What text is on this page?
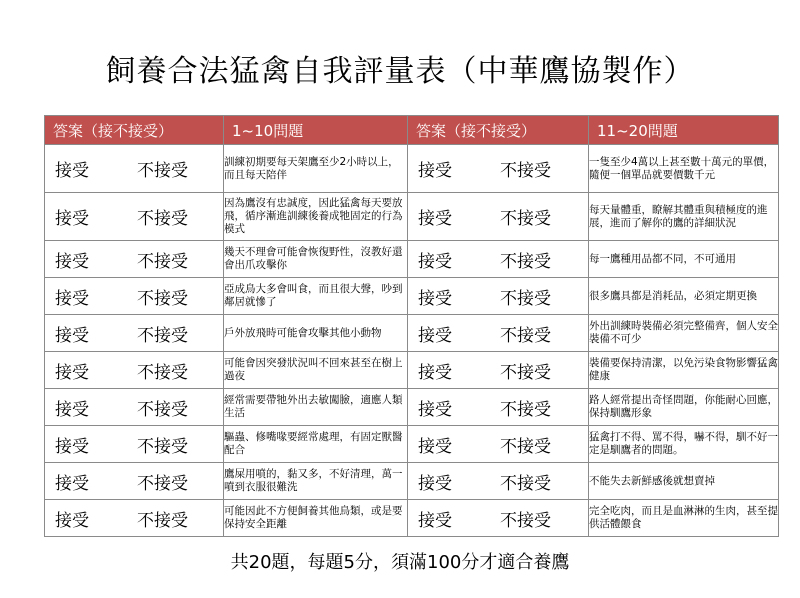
飼養合法猛禽自我評量表（中華鷹協製作）
答案（接不接受）	1~10問題	答案（接不接受）	11~20問題

接受 不接受	訓練初期要每天架鷹至少2小時以上，而且每天陪伴	接受 不接受	一隻至少4萬以上甚至數十萬元的單價，隨便一個單品就要價數千元

接受 不接受	因為鷹沒有忠誠度，因此猛禽每天要放飛，循序漸進訓練後養成牠固定的行為模式	接受 不接受	每天量體重，瞭解其體重與積極度的進展，進而了解你的鷹的詳細狀況

接受 不接受	幾天不理會可能會恢復野性，沒教好還會出爪攻擊你	接受 不接受	每一鷹種用品都不同，不可通用

接受 不接受	亞成鳥大多會叫食，而且很大聲，吵到鄰居就慘了	接受 不接受	很多鷹具都是消耗品，必須定期更換

接受 不接受	戶外放飛時可能會攻擊其他小動物	接受 不接受	外出訓練時裝備必須完整備齊，個人安全裝備不可少

接受 不接受	可能會因突發狀況叫不回來甚至在樹上過夜	接受 不接受	裝備要保持清潔，以免污染食物影響猛禽健康

接受 不接受	經常需要帶牠外出去敏闖臉，適應人類生活	接受 不接受	路人經常提出奇怪問題，你能耐心回應，保持馴鷹形象

接受 不接受	驅蟲、修嘴喙要經常處理，有固定獸醫配合	接受 不接受	猛禽打不得、罵不得，嚇不得，馴不好一定是馴鷹者的問題。

接受 不接受	鷹屎用噴的，黏又多，不好清理，萬一噴到衣服很難洗	接受 不接受	不能失去新鮮感後就想賣掉

接受 不接受	可能因此不方便飼養其他鳥類，或是要保持安全距離	接受 不接受	完全吃肉，而且是血淋淋的生肉，甚至提供活體餵食
共20題，每題5分，須滿100分才適合養鷹
